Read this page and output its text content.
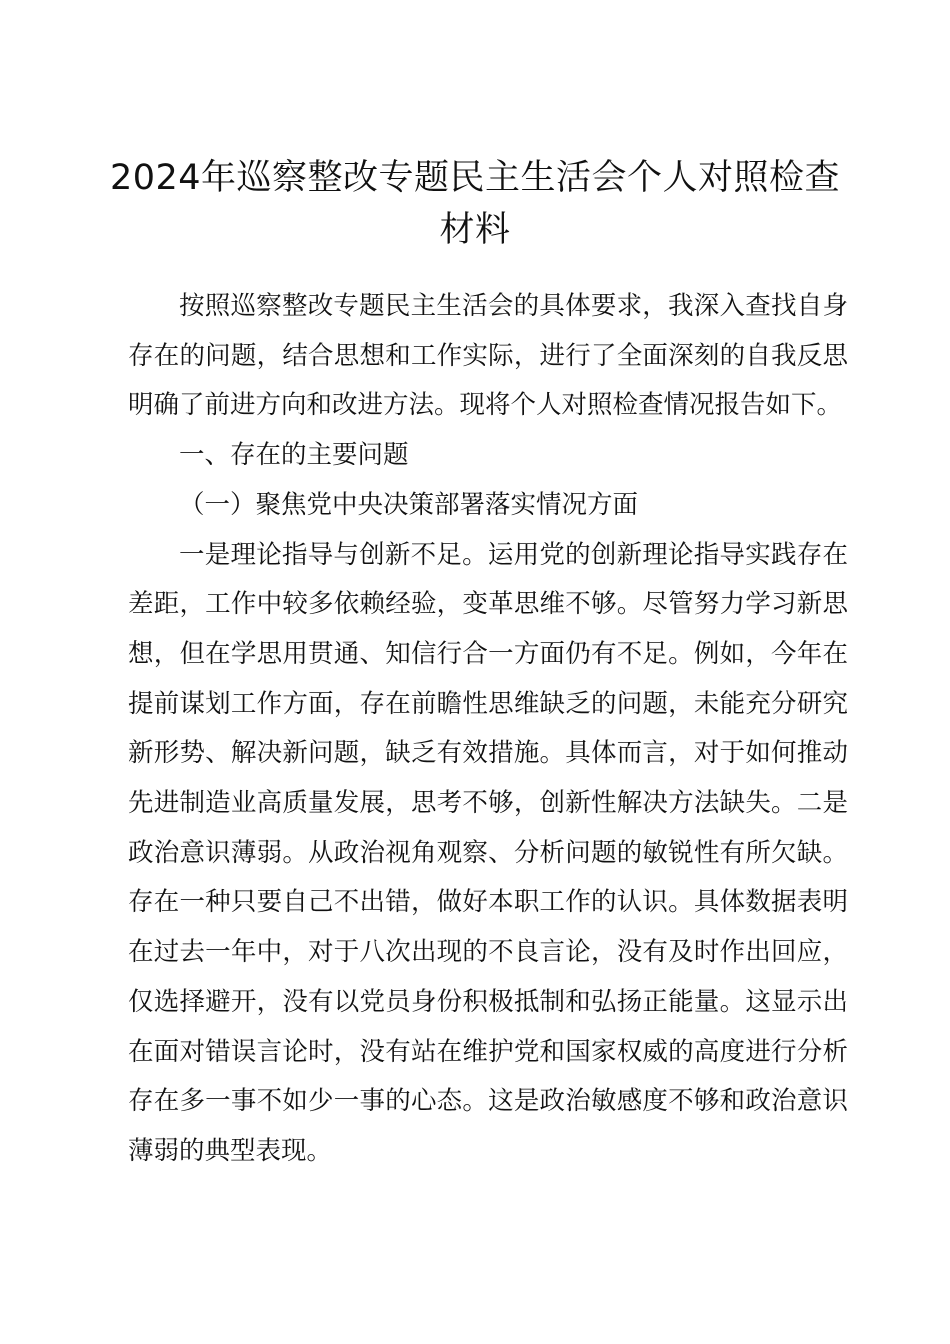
2024年巡察整改专题民主生活会个人对照检查材料

按照巡察整改专题民主生活会的具体要求，我深入查找自身存在的问题，结合思想和工作实际，进行了全面深刻的自我反思明确了前进方向和改进方法。现将个人对照检查情况报告如下。

一、存在的主要问题

（一）聚焦党中央决策部署落实情况方面

一是理论指导与创新不足。运用党的创新理论指导实践存在差距，工作中较多依赖经验，变革思维不够。尽管努力学习新思想，但在学思用贯通、知信行合一方面仍有不足。例如，今年在提前谋划工作方面，存在前瞻性思维缺乏的问题，未能充分研究新形势、解决新问题，缺乏有效措施。具体而言，对于如何推动先进制造业高质量发展，思考不够，创新性解决方法缺失。二是政治意识薄弱。从政治视角观察、分析问题的敏锐性有所欠缺。存在一种只要自己不出错，做好本职工作的认识。具体数据表明在过去一年中，对于八次出现的不良言论，没有及时作出回应，仅选择避开，没有以党员身份积极抵制和弘扬正能量。这显示出在面对错误言论时，没有站在维护党和国家权威的高度进行分析存在多一事不如少一事的心态。这是政治敏感度不够和政治意识薄弱的典型表现。
